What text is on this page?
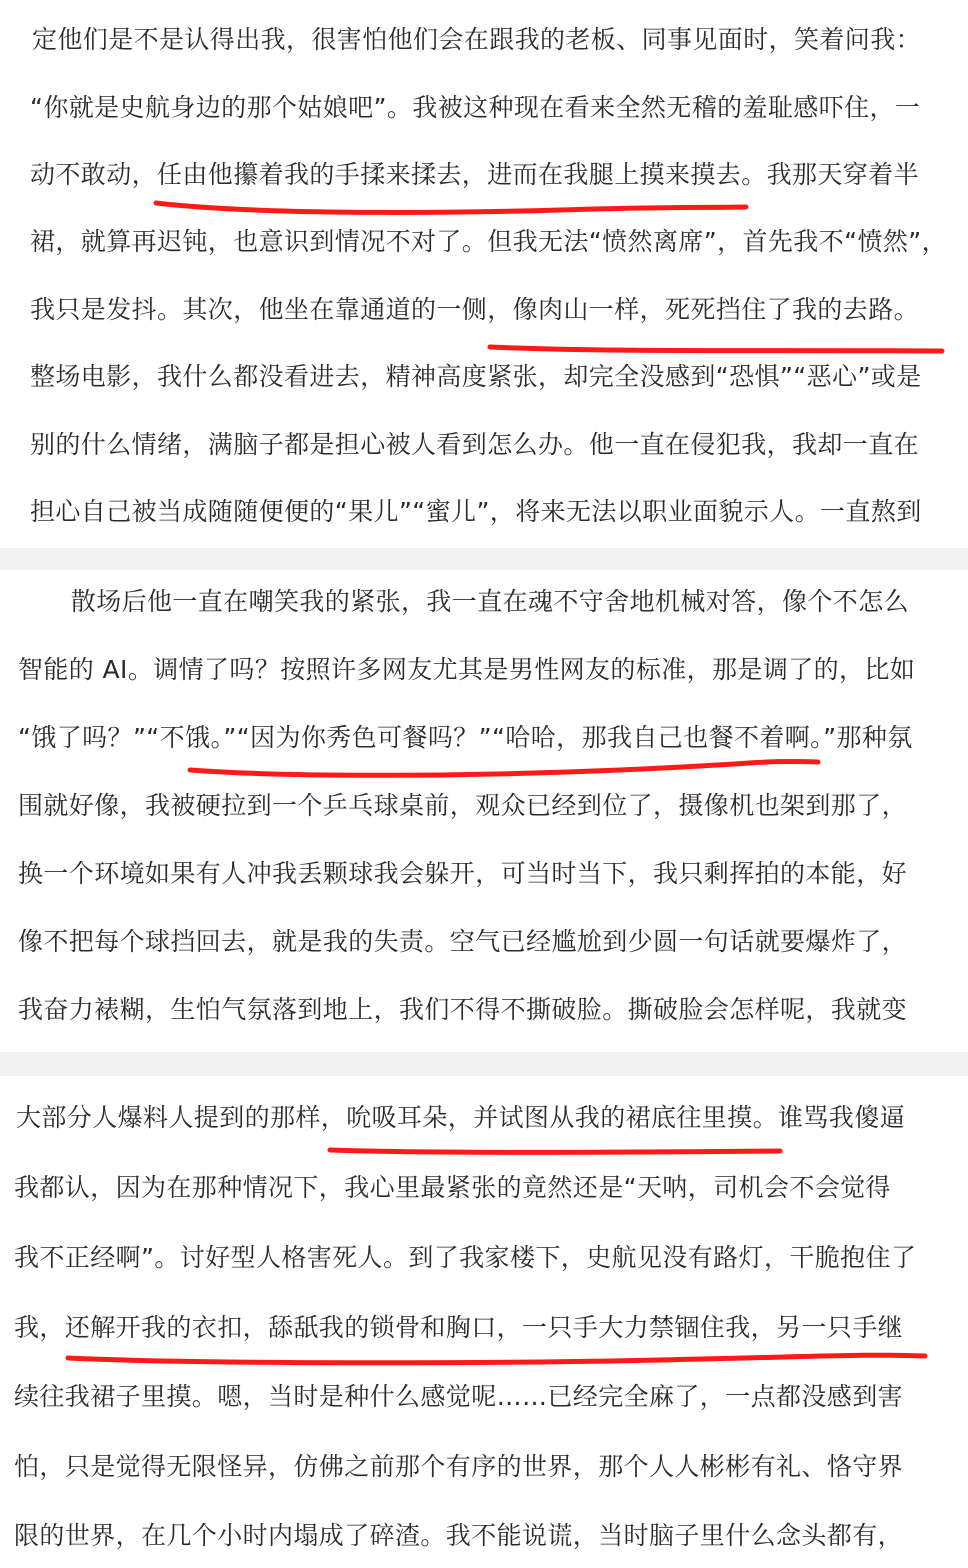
定他们是不是认得出我，很害怕他们会在跟我的老板、同事见面时，笑着问我：
“你就是史航身边的那个姑娘吧”。我被这种现在看来全然无稽的羞耻感吓住，一
动不敢动，任由他攥着我的手揉来揉去，进而在我腿上摸来摸去。我那天穿着半
裙，就算再迟钝，也意识到情况不对了。但我无法“愤然离席”，首先我不“愤然”，
我只是发抖。其次，他坐在靠通道的一侧，像肉山一样，死死挡住了我的去路。
整场电影，我什么都没看进去，精神高度紧张，却完全没感到“恐惧”“恶心”或是
别的什么情绪，满脑子都是担心被人看到怎么办。他一直在侵犯我，我却一直在
担心自己被当成随随便便的“果儿”“蜜儿”，将来无法以职业面貌示人。一直熬到
　　散场后他一直在嘲笑我的紧张，我一直在魂不守舍地机械对答，像个不怎么
智能的 AI。调情了吗？按照许多网友尤其是男性网友的标准，那是调了的，比如
“饿了吗？”“不饿。”“因为你秀色可餐吗？”“哈哈，那我自己也餐不着啊。”那种氛
围就好像，我被硬拉到一个乒乓球桌前，观众已经到位了，摄像机也架到那了，
换一个环境如果有人冲我丢颗球我会躲开，可当时当下，我只剩挥拍的本能，好
像不把每个球挡回去，就是我的失责。空气已经尴尬到少圆一句话就要爆炸了，
我奋力裱糊，生怕气氛落到地上，我们不得不撕破脸。撕破脸会怎样呢，我就变
大部分人爆料人提到的那样，吮吸耳朵，并试图从我的裙底往里摸。谁骂我傻逼
我都认，因为在那种情况下，我心里最紧张的竟然还是“天呐，司机会不会觉得
我不正经啊”。讨好型人格害死人。到了我家楼下，史航见没有路灯，干脆抱住了
我，还解开我的衣扣，舔舐我的锁骨和胸口，一只手大力禁锢住我，另一只手继
续往我裙子里摸。嗯，当时是种什么感觉呢……已经完全麻了，一点都没感到害
怕，只是觉得无限怪异，仿佛之前那个有序的世界，那个人人彬彬有礼、恪守界
限的世界，在几个小时内塌成了碎渣。我不能说谎，当时脑子里什么念头都有，
